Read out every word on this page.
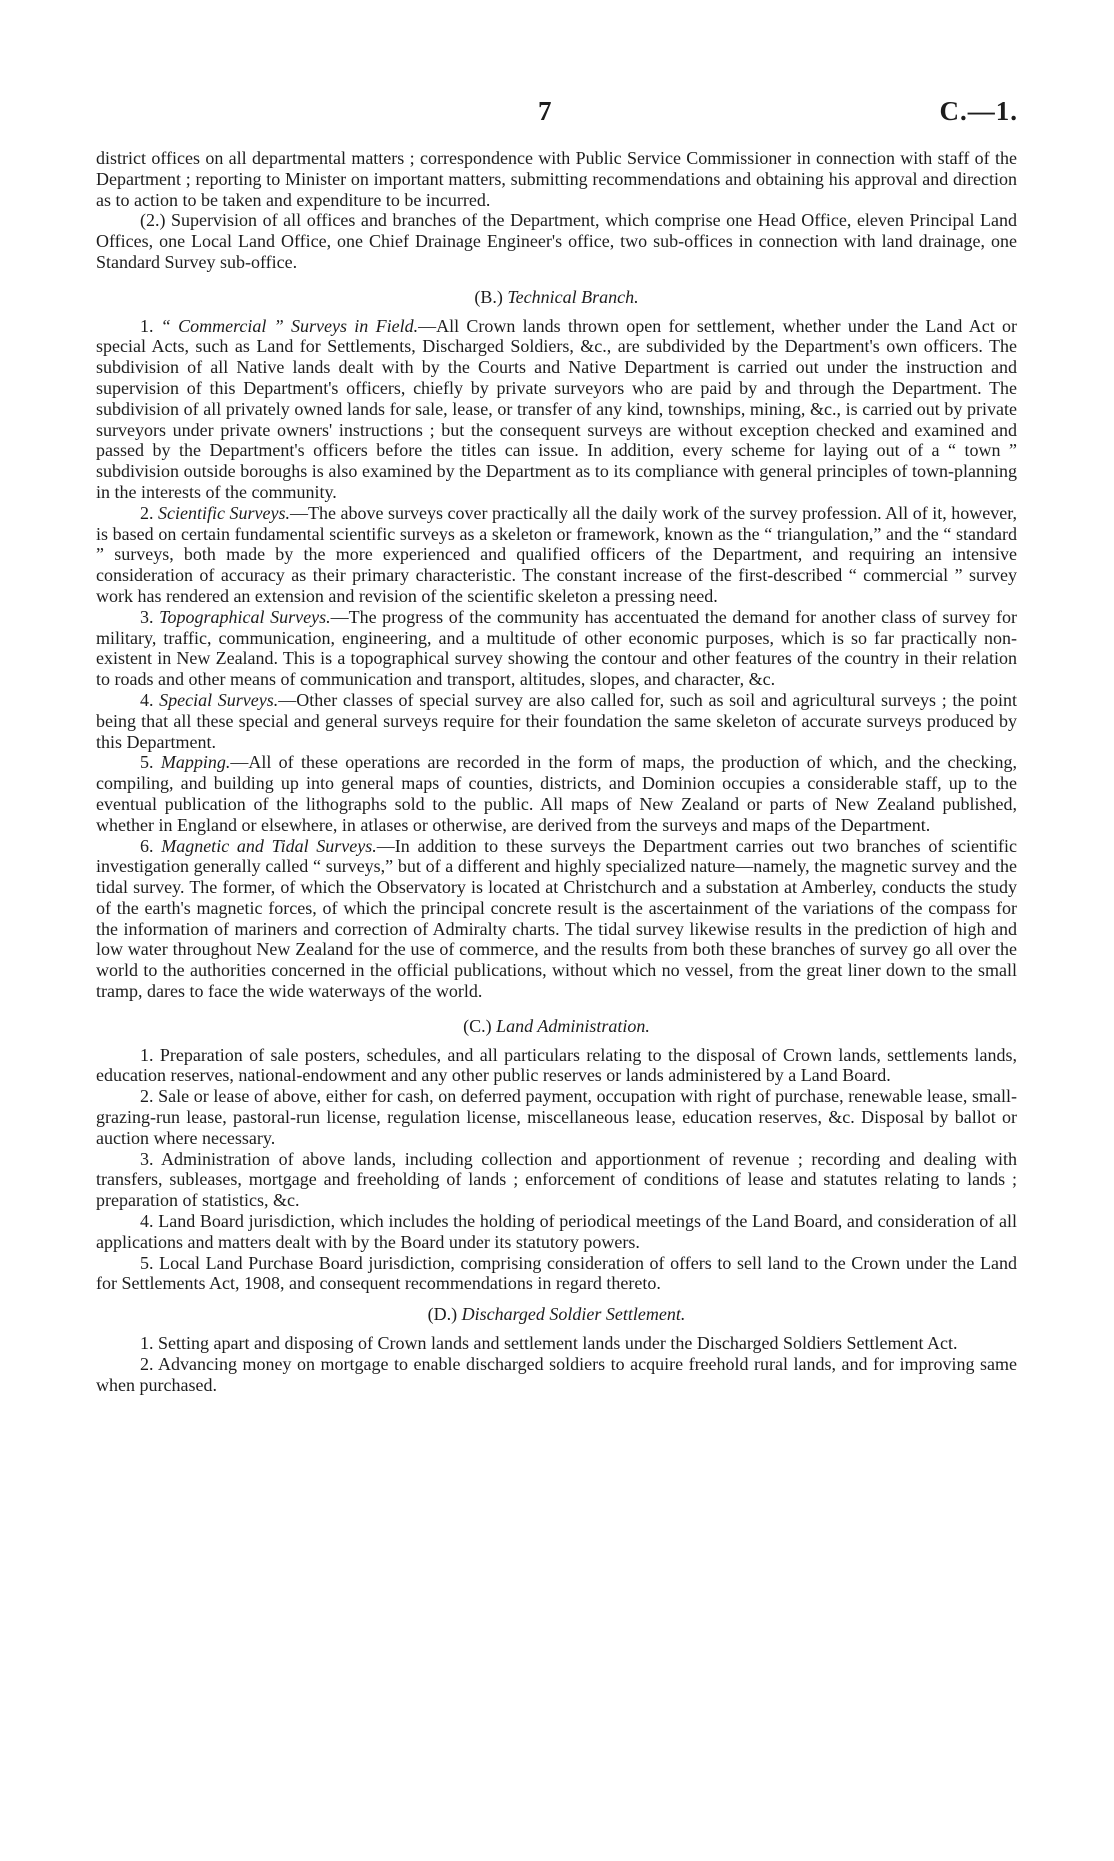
7	C.—1.

district offices on all departmental matters ; correspondence with Public Service Commissioner in connection with staff of the Department ; reporting to Minister on important matters, submitting recommendations and obtaining his approval and direction as to action to be taken and expenditure to be incurred.

(2.) Supervision of all offices and branches of the Department, which comprise one Head Office, eleven Principal Land Offices, one Local Land Office, one Chief Drainage Engineer's office, two sub-offices in connection with land drainage, one Standard Survey sub-office.

(B.) Technical Branch.

1. “ Commercial ” Surveys in Field.—All Crown lands thrown open for settlement, whether under the Land Act or special Acts, such as Land for Settlements, Discharged Soldiers, &c., are subdivided by the Department's own officers. The subdivision of all Native lands dealt with by the Courts and Native Department is carried out under the instruction and supervision of this Department's officers, chiefly by private surveyors who are paid by and through the Department. The subdivision of all privately owned lands for sale, lease, or transfer of any kind, townships, mining, &c., is carried out by private surveyors under private owners' instructions ; but the consequent surveys are without exception checked and examined and passed by the Department's officers before the titles can issue. In addition, every scheme for laying out of a “ town ” subdivision outside boroughs is also examined by the Department as to its compliance with general principles of town-planning in the interests of the community.

2. Scientific Surveys.—The above surveys cover practically all the daily work of the survey profession. All of it, however, is based on certain fundamental scientific surveys as a skeleton or framework, known as the “ triangulation,” and the “ standard ” surveys, both made by the more experienced and qualified officers of the Department, and requiring an intensive consideration of accuracy as their primary characteristic. The constant increase of the first-described “ commercial ” survey work has rendered an extension and revision of the scientific skeleton a pressing need.

3. Topographical Surveys.—The progress of the community has accentuated the demand for another class of survey for military, traffic, communication, engineering, and a multitude of other economic purposes, which is so far practically non-existent in New Zealand. This is a topographical survey showing the contour and other features of the country in their relation to roads and other means of communication and transport, altitudes, slopes, and character, &c.

4. Special Surveys.—Other classes of special survey are also called for, such as soil and agricultural surveys ; the point being that all these special and general surveys require for their foundation the same skeleton of accurate surveys produced by this Department.

5. Mapping.—All of these operations are recorded in the form of maps, the production of which, and the checking, compiling, and building up into general maps of counties, districts, and Dominion occupies a considerable staff, up to the eventual publication of the lithographs sold to the public. All maps of New Zealand or parts of New Zealand published, whether in England or elsewhere, in atlases or otherwise, are derived from the surveys and maps of the Department.

6. Magnetic and Tidal Surveys.—In addition to these surveys the Department carries out two branches of scientific investigation generally called “ surveys,” but of a different and highly specialized nature—namely, the magnetic survey and the tidal survey. The former, of which the Observatory is located at Christchurch and a substation at Amberley, conducts the study of the earth's magnetic forces, of which the principal concrete result is the ascertainment of the variations of the compass for the information of mariners and correction of Admiralty charts. The tidal survey likewise results in the prediction of high and low water throughout New Zealand for the use of commerce, and the results from both these branches of survey go all over the world to the authorities concerned in the official publications, without which no vessel, from the great liner down to the small tramp, dares to face the wide waterways of the world.

(C.) Land Administration.

1. Preparation of sale posters, schedules, and all particulars relating to the disposal of Crown lands, settlements lands, education reserves, national-endowment and any other public reserves or lands administered by a Land Board.

2. Sale or lease of above, either for cash, on deferred payment, occupation with right of purchase, renewable lease, small-grazing-run lease, pastoral-run license, regulation license, miscellaneous lease, education reserves, &c. Disposal by ballot or auction where necessary.

3. Administration of above lands, including collection and apportionment of revenue ; recording and dealing with transfers, subleases, mortgage and freeholding of lands ; enforcement of conditions of lease and statutes relating to lands ; preparation of statistics, &c.

4. Land Board jurisdiction, which includes the holding of periodical meetings of the Land Board, and consideration of all applications and matters dealt with by the Board under its statutory powers.

5. Local Land Purchase Board jurisdiction, comprising consideration of offers to sell land to the Crown under the Land for Settlements Act, 1908, and consequent recommendations in regard thereto.

(D.) Discharged Soldier Settlement.

1. Setting apart and disposing of Crown lands and settlement lands under the Discharged Soldiers Settlement Act.

2. Advancing money on mortgage to enable discharged soldiers to acquire freehold rural lands, and for improving same when purchased.
